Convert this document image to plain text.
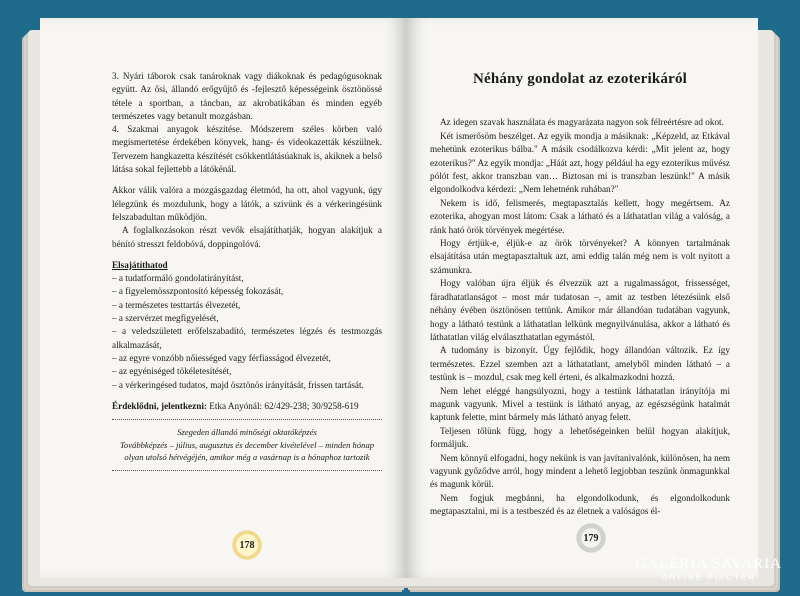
3. Nyári táborok csak tanároknak vagy diákoknak és pedagógusoknak együtt. Az ősi, állandó erőgyűjtő és -fejlesztő képességeink ösztönössé tétele a sportban, a táncban, az akrobatikában és minden egyéb természetes vagy betanult mozgásban.

4. Szakmai anyagok készítése. Módszerem széles körben való megismertetése érdekében könyvek, hang- és videokazetták készülnek. Tervezem hangkazetta készítését csökkentlátásúaknak is, akiknek a belső látása sokal fejlettebb a látókénál.

Akkor válik valóra a mozgásgazdag életmód, ha ott, ahol vagyunk, úgy lélegzünk és mozdulunk, hogy a látók, a szívünk és a vérkeringésünk felszabadultan működjön.

A foglalkozásokon részt vevők elsajátíthatják, hogyan alakítjuk a bénító stresszt feldobóvá, doppingolóvá.

Elsajátíthatod

– a tudatformáló gondolatirányítást,

– a figyelemösszpontosító képesség fokozását,

– a természetes testtartás élvezetét,

– a szervérzet megfigyelését,

– a veledszületett erőfelszabadító, természetes légzés és testmozgás alkalmazását,

– az egyre vonzóbb nőiességed vagy férfiasságod élvezetét,

– az egyéniséged tökéletesítését,

– a vérkeringésed tudatos, majd ösztönös irányítását, frissen tartását.

Érdeklődni, jelentkezni: Etka Anyónál: 62/429-238; 30/9258-619

Szegeden állandó minőségi oktatóképzés

Továbbképzés – július, augusztus és december kivételével – minden hónap

olyan utolsó hétvégéjén, amikor még a vasárnap is a hónaphoz tartozik

178
Néhány gondolat az ezoterikáról

Az idegen szavak használata és magyarázata nagyon sok félreértésre ad okot.

Két ismerősöm beszélget. Az egyik mondja a másiknak: „Képzeld, az Etkával mehetünk ezoterikus bálba." A másik csodálkozva kérdi: „Mit jelent az, hogy ezoterikus?" Az egyik mondja: „Háát azt, hogy például ha egy ezoterikus művész pólót fest, akkor transzban van… Biztosan mi is transzban leszünk!" A másik elgondolkodva kérdezi: „Nem lehetnénk ruhában?"

Nekem is idő, felismerés, megtapasztalás kellett, hogy megértsem. Az ezoterika, ahogyan most látom: Csak a látható és a láthatatlan világ a valóság, a ránk ható örök törvények megértése.

Hogy értjük-e, éljük-e az örök törvényeket? A könnyen tartalmának elsajátítása után megtapasztaltuk azt, ami eddig talán még nem is volt nyitott a számunkra.

Hogy valóban újra éljük és élvezzük azt a rugalmasságot, frissességet, fáradhatatlanságot – most már tudatosan –, amit az testben létezésünk első néhány évében ösztönösen tettünk. Amikor már állandóan tudatában vagyunk, hogy a látható testünk a láthatatlan lelkünk megnyilvánulása, akkor a látható és láthatatlan világ elválaszthatatlan egymástól.

A tudomány is bizonyít. Úgy fejlődik, hogy állandóan változik. Ez így természetes. Ezzel szemben azt a láthatatlant, amelyből minden látható – a testünk is – mozdul, csak meg kell érteni, és alkalmazkodni hozzá.

Nem lehet eléggé hangsúlyozni, hogy a testünk láthatatlan irányítója mi magunk vagyunk. Mivel a testünk is látható anyag, az egészségünk hatalmát kaptunk felette, mint bármely más látható anyag felett.

Teljesen tőlünk függ, hogy a lehetőségeinken belül hogyan alakítjuk, formáljuk.

Nem könnyű elfogadni, hogy nekünk is van javítanivalónk, különösen, ha nem vagyunk győződve arról, hogy mindent a lehető legjobban teszünk önmagunkkal és magunk körül.

Nem fogjuk megbánni, ha elgondolkodunk, és elgondolkodunk megtapasztalni, mi is a testbeszéd és az életnek a valóságos él-

179
GALÉRIA SAVARIA
ONLINE PIACTÉR
